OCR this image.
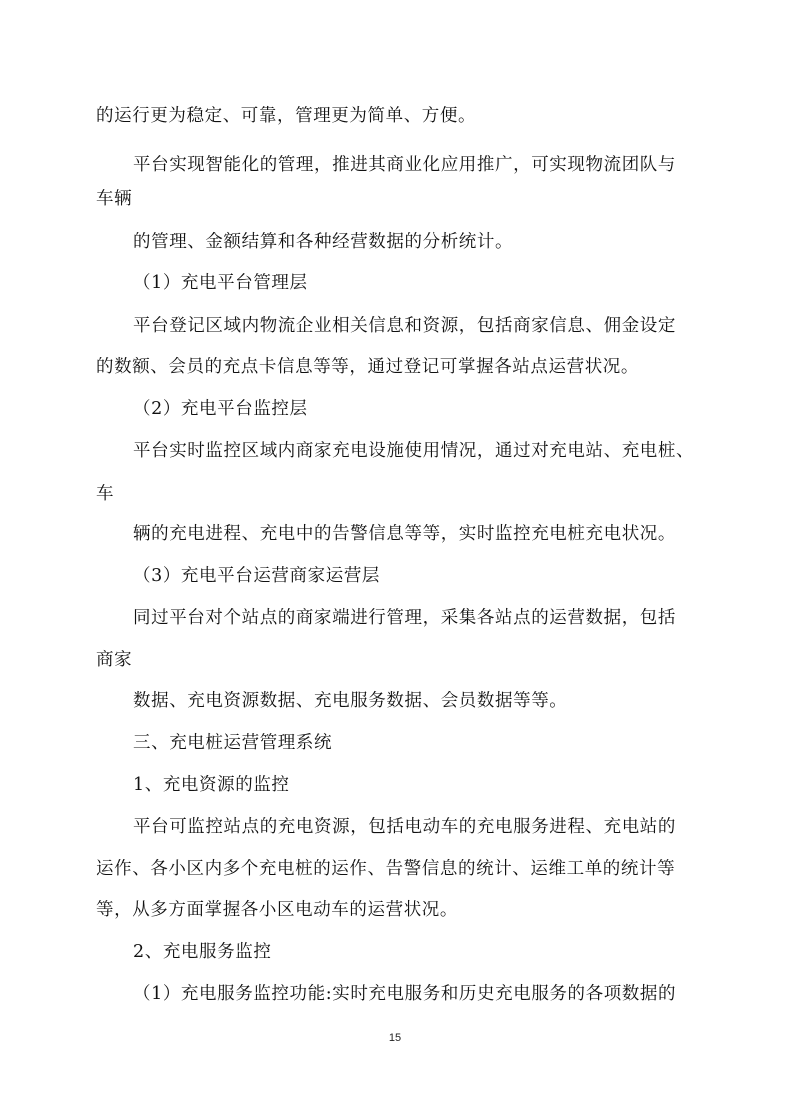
的运行更为稳定、可靠，管理更为简单、方便。
平台实现智能化的管理，推进其商业化应用推广，可实现物流团队与
车辆
的管理、金额结算和各种经营数据的分析统计。
（1）充电平台管理层
平台登记区域内物流企业相关信息和资源，包括商家信息、佣金设定
的数额、会员的充点卡信息等等，通过登记可掌握各站点运营状况。
（2）充电平台监控层
平台实时监控区域内商家充电设施使用情况，通过对充电站、充电桩、
车
辆的充电进程、充电中的告警信息等等，实时监控充电桩充电状况。
（3）充电平台运营商家运营层
同过平台对个站点的商家端进行管理，采集各站点的运营数据，包括
商家
数据、充电资源数据、充电服务数据、会员数据等等。
三、充电桩运营管理系统
1、充电资源的监控
平台可监控站点的充电资源，包括电动车的充电服务进程、充电站的
运作、各小区内多个充电桩的运作、告警信息的统计、运维工单的统计等
等，从多方面掌握各小区电动车的运营状况。
2、充电服务监控
（1）充电服务监控功能:实时充电服务和历史充电服务的各项数据的
15
